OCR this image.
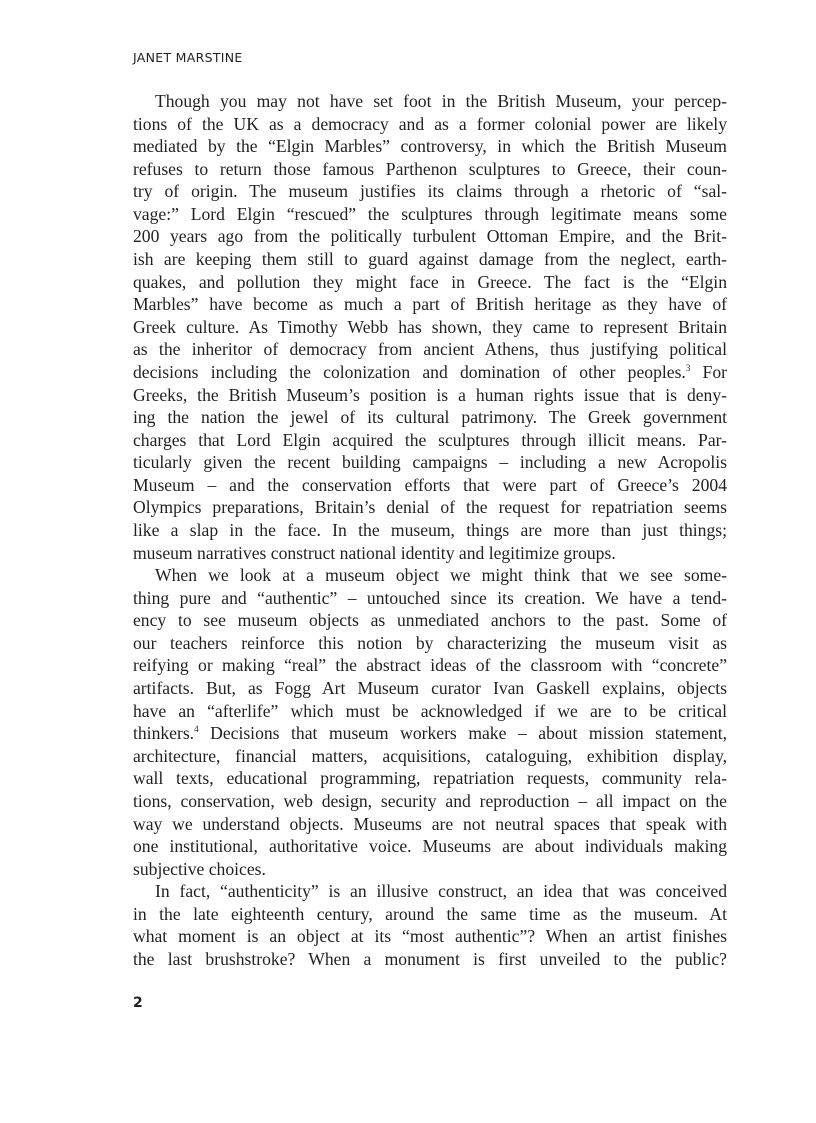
JANET MARSTINE
Though you may not have set foot in the British Museum, your percep-
tions of the UK as a democracy and as a former colonial power are likely
mediated by the “Elgin Marbles” controversy, in which the British Museum
refuses to return those famous Parthenon sculptures to Greece, their coun-
try of origin. The museum justifies its claims through a rhetoric of “sal-
vage:” Lord Elgin “rescued” the sculptures through legitimate means some
200 years ago from the politically turbulent Ottoman Empire, and the Brit-
ish are keeping them still to guard against damage from the neglect, earth-
quakes, and pollution they might face in Greece. The fact is the “Elgin
Marbles” have become as much a part of British heritage as they have of
Greek culture. As Timothy Webb has shown, they came to represent Britain
as the inheritor of democracy from ancient Athens, thus justifying political
decisions including the colonization and domination of other peoples.$^3$ For
Greeks, the British Museum’s position is a human rights issue that is deny-
ing the nation the jewel of its cultural patrimony. The Greek government
charges that Lord Elgin acquired the sculptures through illicit means. Par-
ticularly given the recent building campaigns – including a new Acropolis
Museum – and the conservation efforts that were part of Greece’s 2004
Olympics preparations, Britain’s denial of the request for repatriation seems
like a slap in the face. In the museum, things are more than just things;
museum narratives construct national identity and legitimize groups.
When we look at a museum object we might think that we see some-
thing pure and “authentic” – untouched since its creation. We have a tend-
ency to see museum objects as unmediated anchors to the past. Some of
our teachers reinforce this notion by characterizing the museum visit as
reifying or making “real” the abstract ideas of the classroom with “concrete”
artifacts. But, as Fogg Art Museum curator Ivan Gaskell explains, objects
have an “afterlife” which must be acknowledged if we are to be critical
thinkers.$^4$ Decisions that museum workers make – about mission statement,
architecture, financial matters, acquisitions, cataloguing, exhibition display,
wall texts, educational programming, repatriation requests, community rela-
tions, conservation, web design, security and reproduction – all impact on the
way we understand objects. Museums are not neutral spaces that speak with
one institutional, authoritative voice. Museums are about individuals making
subjective choices.
In fact, “authenticity” is an illusive construct, an idea that was conceived
in the late eighteenth century, around the same time as the museum. At
what moment is an object at its “most authentic”? When an artist finishes
the last brushstroke? When a monument is first unveiled to the public?
2
